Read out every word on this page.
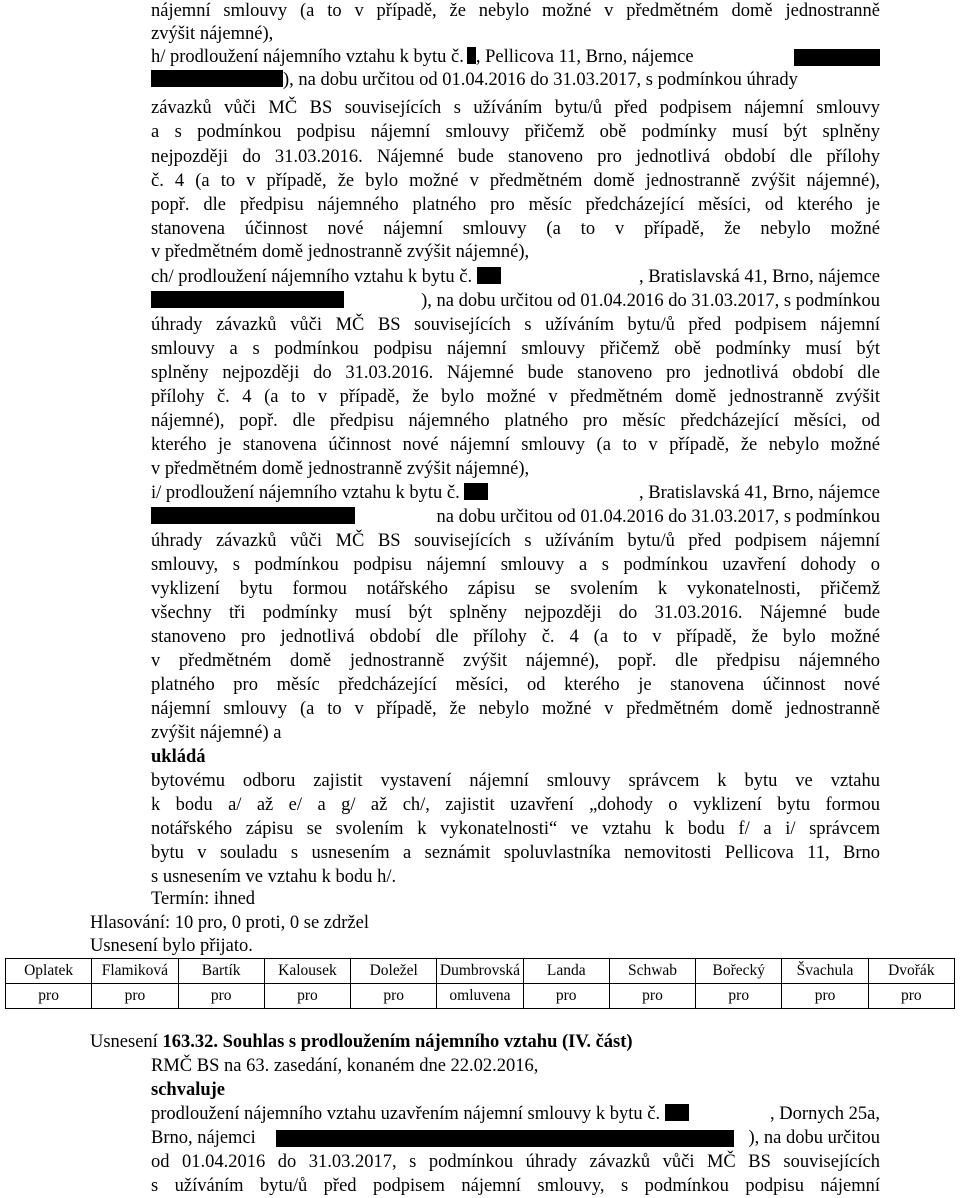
nájemní smlouvy (a to v případě, že nebylo možné v předmětném domě jednostranně
zvýšit nájemné),
h/ prodloužení nájemního vztahu k bytu č. , Pellicova 11, Brno, nájemce
), na dobu určitou od 01.04.2016 do 31.03.2017, s podmínkou úhrady
závazků vůči MČ BS souvisejících s užíváním bytu/ů před podpisem nájemní smlouvy
a s podmínkou podpisu nájemní smlouvy přičemž obě podmínky musí být splněny
nejpozději do 31.03.2016. Nájemné bude stanoveno pro jednotlivá období dle přílohy
č. 4 (a to v případě, že bylo možné v předmětném domě jednostranně zvýšit nájemné),
popř. dle předpisu nájemného platného pro měsíc předcházející měsíci, od kterého je
stanovena účinnost nové nájemní smlouvy (a to v případě, že nebylo možné
v předmětném domě jednostranně zvýšit nájemné),
ch/ prodloužení nájemního vztahu k bytu č.	, Bratislavská 41, Brno, nájemce
), na dobu určitou od 01.04.2016 do 31.03.2017, s podmínkou
úhrady závazků vůči MČ BS souvisejících s užíváním bytu/ů před podpisem nájemní
smlouvy a s podmínkou podpisu nájemní smlouvy přičemž obě podmínky musí být
splněny nejpozději do 31.03.2016. Nájemné bude stanoveno pro jednotlivá období dle
přílohy č. 4 (a to v případě, že bylo možné v předmětném domě jednostranně zvýšit
nájemné), popř. dle předpisu nájemného platného pro měsíc předcházející měsíci, od
kterého je stanovena účinnost nové nájemní smlouvy (a to v případě, že nebylo možné
v předmětném domě jednostranně zvýšit nájemné),
i/ prodloužení nájemního vztahu k bytu č.	, Bratislavská 41, Brno, nájemce
na dobu určitou od 01.04.2016 do 31.03.2017, s podmínkou
úhrady závazků vůči MČ BS souvisejících s užíváním bytu/ů před podpisem nájemní
smlouvy, s podmínkou podpisu nájemní smlouvy a s podmínkou uzavření dohody o
vyklizení bytu formou notářského zápisu se svolením k vykonatelnosti, přičemž
všechny tři podmínky musí být splněny nejpozději do 31.03.2016. Nájemné bude
stanoveno pro jednotlivá období dle přílohy č. 4 (a to v případě, že bylo možné
v předmětném domě jednostranně zvýšit nájemné), popř. dle předpisu nájemného
platného pro měsíc předcházející měsíci, od kterého je stanovena účinnost nové
nájemní smlouvy (a to v případě, že nebylo možné v předmětném domě jednostranně
zvýšit nájemné) a
ukládá
bytovému odboru zajistit vystavení nájemní smlouvy správcem k bytu ve vztahu
k bodu a/ až e/ a g/ až ch/, zajistit uzavření „dohody o vyklizení bytu formou
notářského zápisu se svolením k vykonatelnosti“ ve vztahu k bodu f/ a i/ správcem
bytu v souladu s usnesením a seznámit spoluvlastníka nemovitosti Pellicova 11, Brno
s usnesením ve vztahu k bodu h/.
Termín: ihned
Hlasování: 10 pro, 0 proti, 0 se zdržel
Usnesení bylo přijato.
Oplatek	Flamiková	Bartík	Kalousek	Doležel	Dumbrovská	Landa	Schwab	Bořecký	Švachula	Dvořák
pro	pro	pro	pro	pro	omluvena	pro	pro	pro	pro	pro
Usnesení 163.32. Souhlas s prodloužením nájemního vztahu (IV. část)
RMČ BS na 63. zasedání, konaném dne 22.02.2016,
schvaluje
prodloužení nájemního vztahu uzavřením nájemní smlouvy k bytu č.	, Dornych 25a,
Brno, nájemci	), na dobu určitou
od 01.04.2016 do 31.03.2017, s podmínkou úhrady závazků vůči MČ BS souvisejících
s užíváním bytu/ů před podpisem nájemní smlouvy, s podmínkou podpisu nájemní
